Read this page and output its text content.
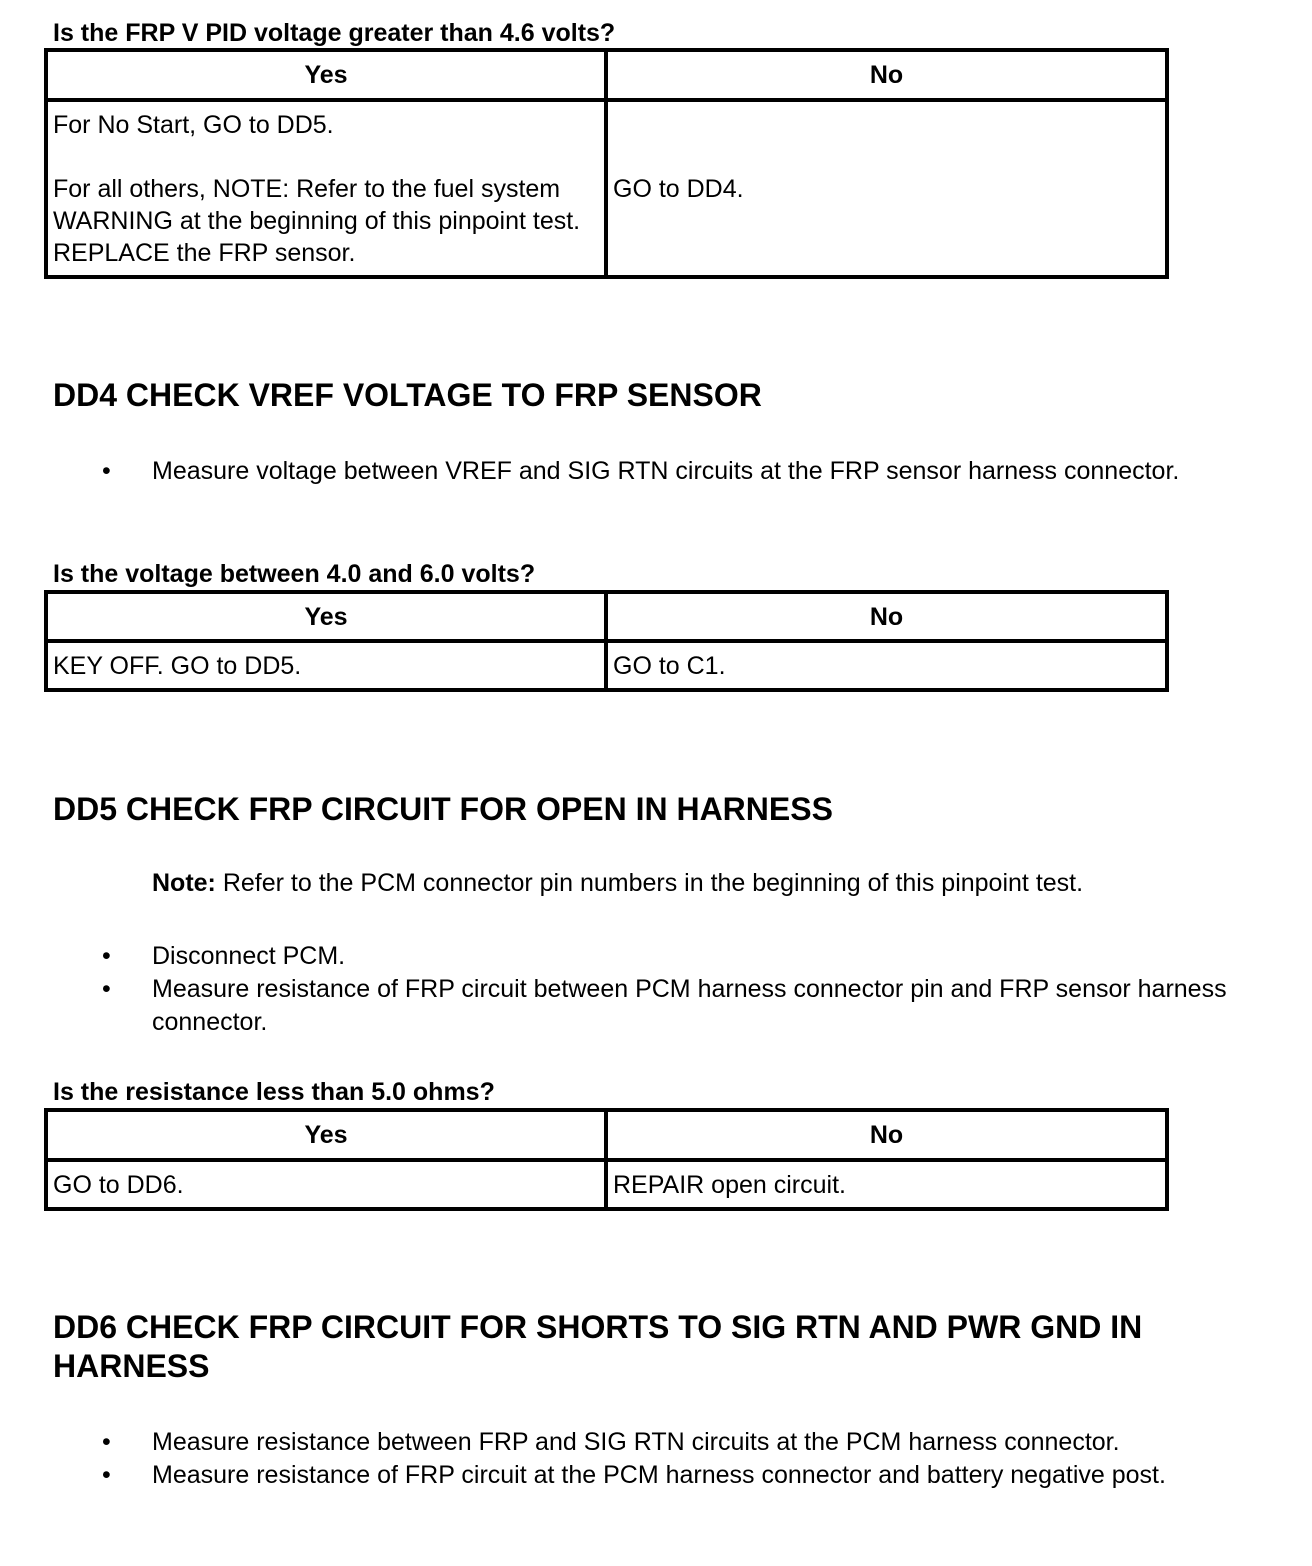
Is the FRP V PID voltage greater than 4.6 volts?
Yes	No

For No Start, GO to DD5.
For all others, NOTE: Refer to the fuel system WARNING at the beginning of this pinpoint test. REPLACE the FRP sensor.	GO to DD4.
DD4 CHECK VREF VOLTAGE TO FRP SENSOR
• Measure voltage between VREF and SIG RTN circuits at the FRP sensor harness connector.
Is the voltage between 4.0 and 6.0 volts?
Yes	No
KEY OFF. GO to DD5.	GO to C1.
DD5 CHECK FRP CIRCUIT FOR OPEN IN HARNESS
Note: Refer to the PCM connector pin numbers in the beginning of this pinpoint test.
• Disconnect PCM.
• Measure resistance of FRP circuit between PCM harness connector pin and FRP sensor harness connector.
Is the resistance less than 5.0 ohms?
Yes	No
GO to DD6.	REPAIR open circuit.
DD6 CHECK FRP CIRCUIT FOR SHORTS TO SIG RTN AND PWR GND IN HARNESS
• Measure resistance between FRP and SIG RTN circuits at the PCM harness connector.
• Measure resistance of FRP circuit at the PCM harness connector and battery negative post.
